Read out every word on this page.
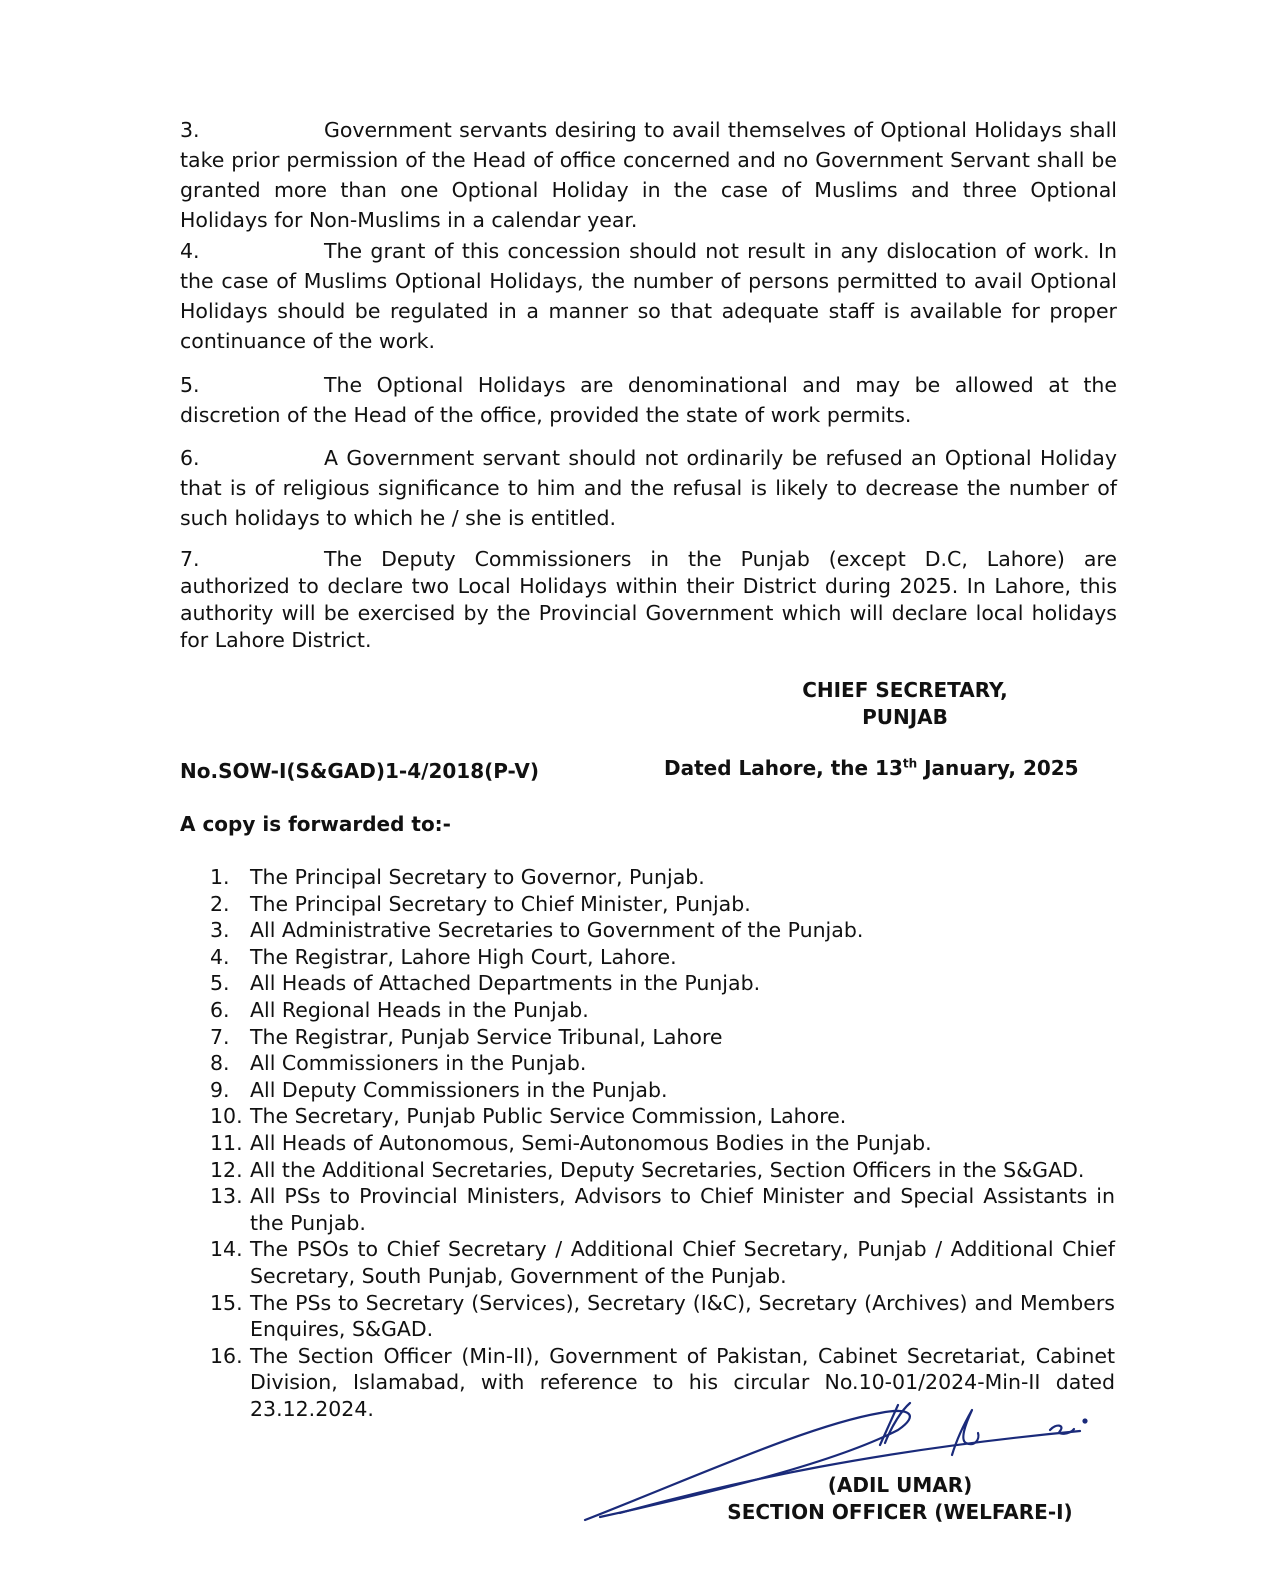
3.	Government servants desiring to avail themselves of Optional Holidays shall take prior permission of the Head of office concerned and no Government Servant shall be granted more than one Optional Holiday in the case of Muslims and three Optional Holidays for Non-Muslims in a calendar year.
4.	The grant of this concession should not result in any dislocation of work. In the case of Muslims Optional Holidays, the number of persons permitted to avail Optional Holidays should be regulated in a manner so that adequate staff is available for proper continuance of the work.
5.	The Optional Holidays are denominational and may be allowed at the discretion of the Head of the office, provided the state of work permits.
6.	A Government servant should not ordinarily be refused an Optional Holiday that is of religious significance to him and the refusal is likely to decrease the number of such holidays to which he / she is entitled.
7.	The Deputy Commissioners in the Punjab (except D.C, Lahore) are authorized to declare two Local Holidays within their District during 2025. In Lahore, this authority will be exercised by the Provincial Government which will declare local holidays for Lahore District.
CHIEF SECRETARY,
PUNJAB
No.SOW-I(S&GAD)1-4/2018(P-V)	Dated Lahore, the 13th January, 2025
A copy is forwarded to:-
1. The Principal Secretary to Governor, Punjab.
2. The Principal Secretary to Chief Minister, Punjab.
3. All Administrative Secretaries to Government of the Punjab.
4. The Registrar, Lahore High Court, Lahore.
5. All Heads of Attached Departments in the Punjab.
6. All Regional Heads in the Punjab.
7. The Registrar, Punjab Service Tribunal, Lahore
8. All Commissioners in the Punjab.
9. All Deputy Commissioners in the Punjab.
10. The Secretary, Punjab Public Service Commission, Lahore.
11. All Heads of Autonomous, Semi-Autonomous Bodies in the Punjab.
12. All the Additional Secretaries, Deputy Secretaries, Section Officers in the S&GAD.
13. All PSs to Provincial Ministers, Advisors to Chief Minister and Special Assistants in the Punjab.
14. The PSOs to Chief Secretary / Additional Chief Secretary, Punjab / Additional Chief Secretary, South Punjab, Government of the Punjab.
15. The PSs to Secretary (Services), Secretary (I&C), Secretary (Archives) and Members Enquires, S&GAD.
16. The Section Officer (Min-II), Government of Pakistan, Cabinet Secretariat, Cabinet Division, Islamabad, with reference to his circular No.10-01/2024-Min-II dated 23.12.2024.
(ADIL UMAR)
SECTION OFFICER (WELFARE-I)
